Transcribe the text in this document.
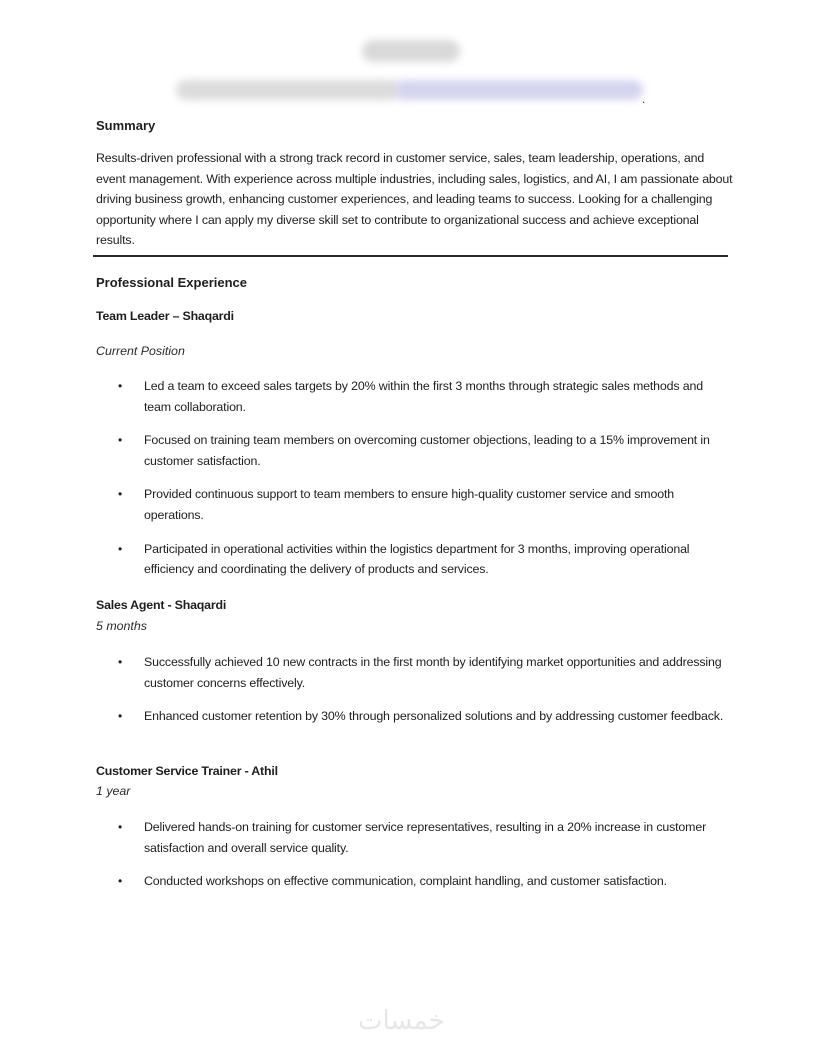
.
Summary

Results-driven professional with a strong track record in customer service, sales, team leadership, operations, and event management. With experience across multiple industries, including sales, logistics, and AI, I am passionate about driving business growth, enhancing customer experiences, and leading teams to success. Looking for a challenging opportunity where I can apply my diverse skill set to contribute to organizational success and achieve exceptional results.

Professional Experience
Team Leader – Shaqardi

Current Position

• Led a team to exceed sales targets by 20% within the first 3 months through strategic sales methods and team collaboration.
• Focused on training team members on overcoming customer objections, leading to a 15% improvement in customer satisfaction.
• Provided continuous support to team members to ensure high-quality customer service and smooth operations.
• Participated in operational activities within the logistics department for 3 months, improving operational efficiency and coordinating the delivery of products and services.
Sales Agent - Shaqardi

5 months

• Successfully achieved 10 new contracts in the first month by identifying market opportunities and addressing customer concerns effectively.
• Enhanced customer retention by 30% through personalized solutions and by addressing customer feedback.
Customer Service Trainer - Athil

1 year

• Delivered hands-on training for customer service representatives, resulting in a 20% increase in customer satisfaction and overall service quality.
• Conducted workshops on effective communication, complaint handling, and customer satisfaction.
خمسات
